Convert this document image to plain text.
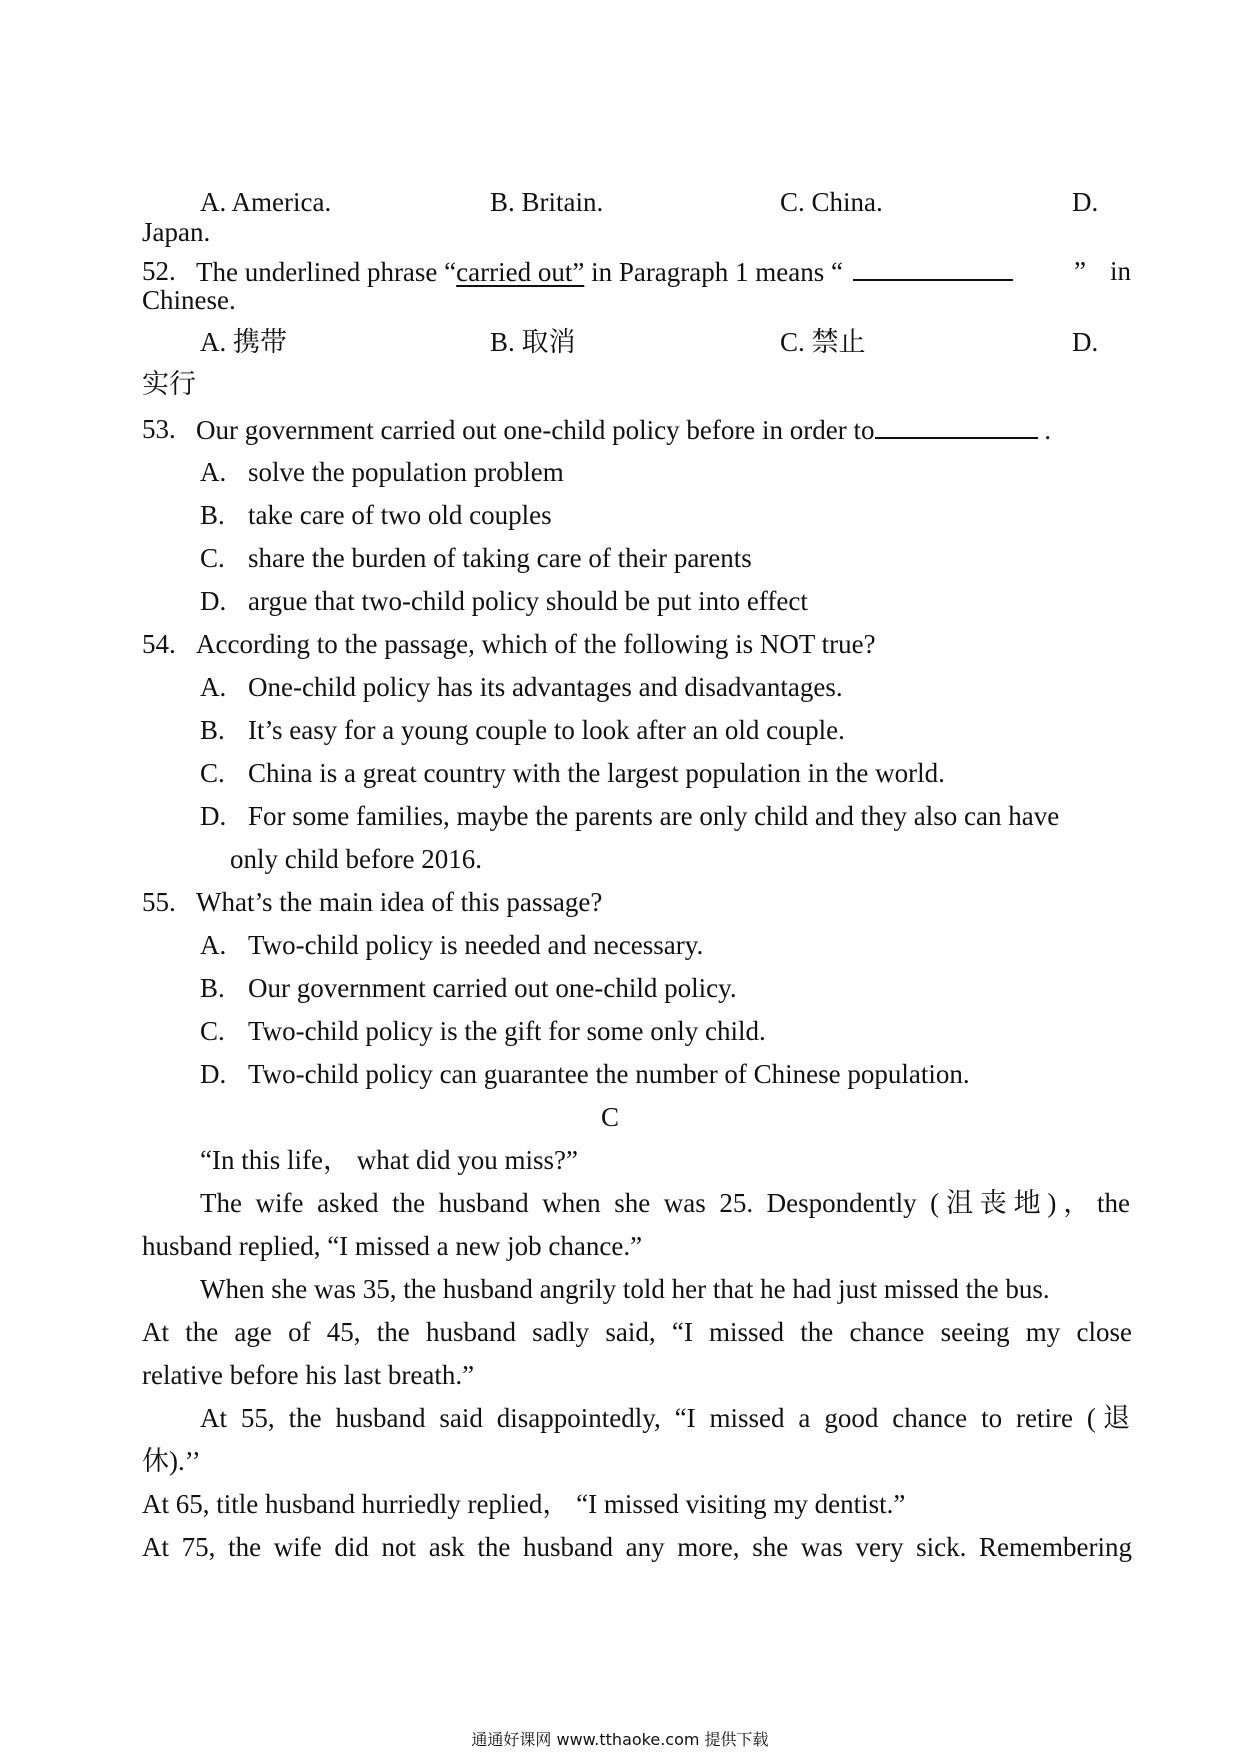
A. America.	B. Britain.	C. China.	D.
Japan.
52. The underlined phrase “carried out” in Paragraph 1 means “	” in
Chinese.
A. 携带	B. 取消	C. 禁止	D.
实行
53. Our government carried out one-child policy before in order to	.
A. solve the population problem
B. take care of two old couples
C. share the burden of taking care of their parents
D. argue that two-child policy should be put into effect
54. According to the passage, which of the following is NOT true?
A. One-child policy has its advantages and disadvantages.
B. It’s easy for a young couple to look after an old couple.
C. China is a great country with the largest population in the world.
D. For some families, maybe the parents are only child and they also can have
only child before 2016.
55. What’s the main idea of this passage?
A. Two-child policy is needed and necessary.
B. Our government carried out one-child policy.
C. Two-child policy is the gift for some only child.
D. Two-child policy can guarantee the number of Chinese population.
C
“In this life， what did you miss?”
The wife asked the husband when she was 25. Despondently (沮丧地)，the
husband replied, “I missed a new job chance.”
When she was 35, the husband angrily told her that he had just missed the bus.
At the age of 45, the husband sadly said, “I missed the chance seeing my close
relative before his last breath.”
At 55, the husband said disappointedly, “I missed a good chance to retire (退
休).’’
At 65, title husband hurriedly replied， “I missed visiting my dentist.”
At 75, the wife did not ask the husband any more, she was very sick. Remembering
通通好课网 www.tthaoke.com 提供下载
